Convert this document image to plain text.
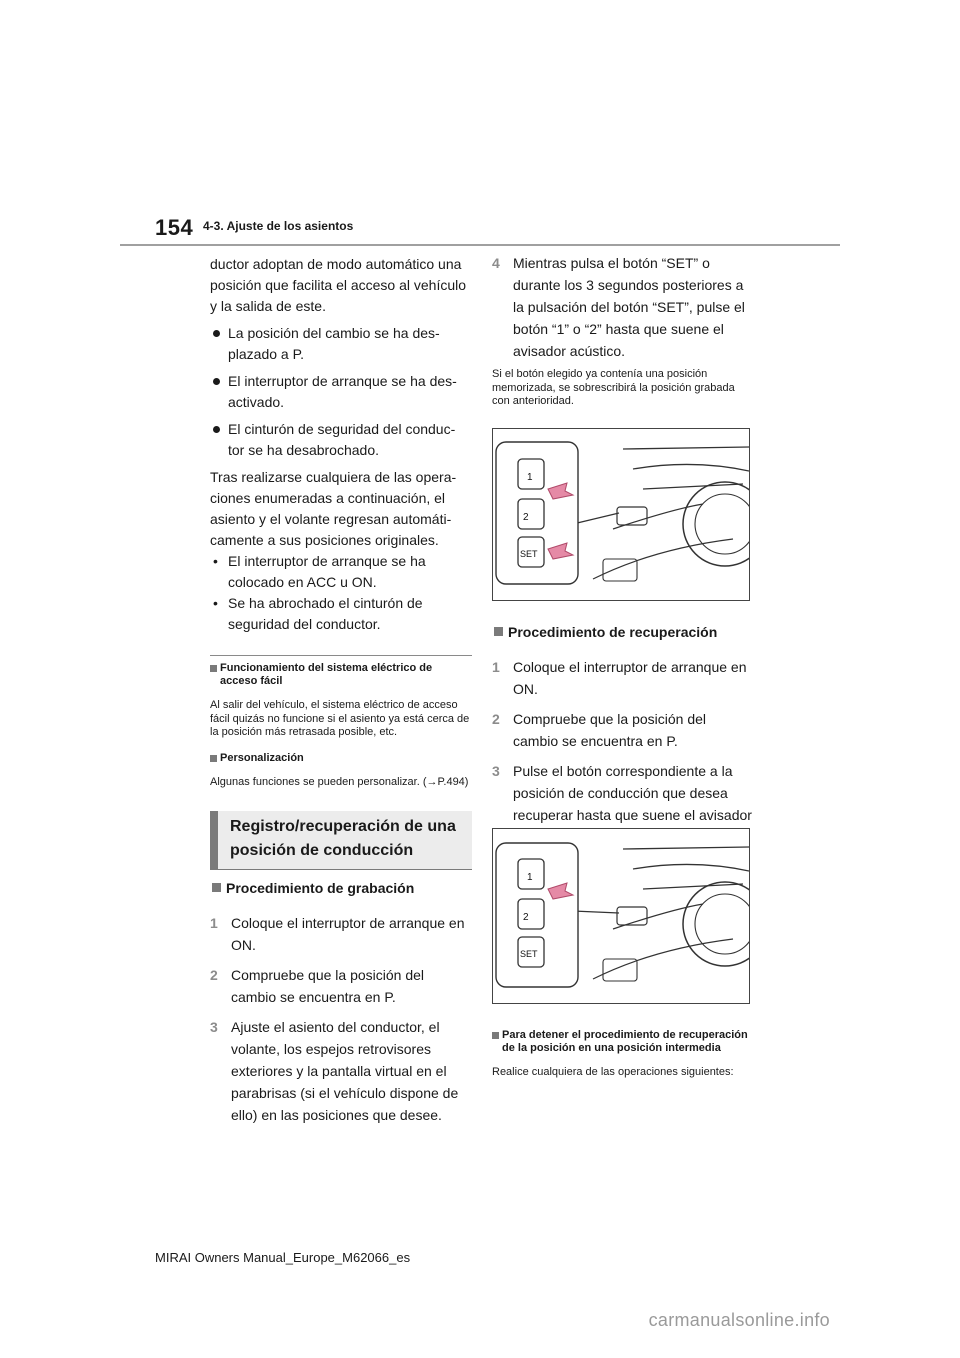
154 4-3. Ajuste de los asientos

ductor adoptan de modo automático una posición que facilita el acceso al vehículo y la salida de este.

La posición del cambio se ha des- plazado a P.

El interruptor de arranque se ha des- activado.

El cinturón de seguridad del conduc- tor se ha desabrochado.

Tras realizarse cualquiera de las opera- ciones enumeradas a continuación, el asiento y el volante regresan automáti- camente a sus posiciones originales.

• El interruptor de arranque se ha colocado en ACC u ON.

• Se ha abrochado el cinturón de seguridad del conductor.

Funcionamiento del sistema eléctrico de acceso fácil

Al salir del vehículo, el sistema eléctrico de acceso fácil quizás no funcione si el asiento ya está cerca de la posición más retrasada posible, etc.

Personalización

Algunas funciones se pueden personalizar. (→P.494)

Registro/recuperación de una posición de conducción

Procedimiento de grabación

1 Coloque el interruptor de arranque en ON.
2 Compruebe que la posición del cambio se encuentra en P.
3 Ajuste el asiento del conductor, el volante, los espejos retrovisores exteriores y la pantalla virtual en el parabrisas (si el vehículo dispone de ello) en las posiciones que desee.
4 Mientras pulsa el botón “SET” o durante los 3 segundos posteriores a la pulsación del botón “SET”, pulse el botón “1” o “2” hasta que suene el avisador acústico.

Si el botón elegido ya contenía una posición memorizada, se sobrescribirá la posición grabada con anterioridad.

1
2
SET

Procedimiento de recuperación

1 Coloque el interruptor de arranque en ON.
2 Compruebe que la posición del cambio se encuentra en P.
3 Pulse el botón correspondiente a la posición de conducción que desea recuperar hasta que suene el avisador
1
2
SET

Para detener el procedimiento de recuperación de la posición en una posición intermedia

Realice cualquiera de las operaciones siguientes:

MIRAI Owners Manual_Europe_M62066_es
carmanualsonline.info
